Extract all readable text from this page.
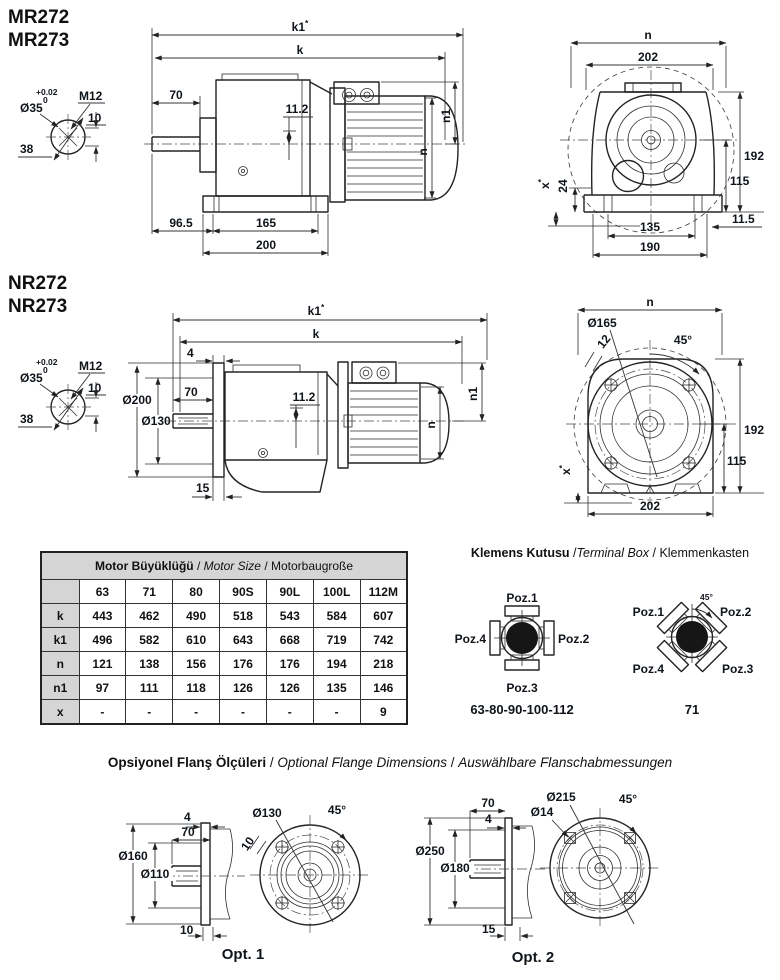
MR272
MR273
NR272
NR273
+0.02
0
Ø35
M12
10
38
k1*
k
70
11.2
n
n1
96.5	165
200
n
202
24
x*
192
115
11.5
135
190
k1*
k
4
Ø200
Ø130
70	11.2
n
n1
15
n
Ø165
12	45°
192
115
x*
202
Poz.1
Poz.2
Poz.4
Poz.3
63-80-90-100-112
45°
Poz.1	Poz.2
Poz.3
Poz.4
71
Ø160
Ø110
70
4
10
Ø130
10
45°
Opt. 1
Ø250
Ø180
70
4
15
Ø215
Ø14
45°
Opt. 2
Motor Büyüklüğü / Motor Size / Motorbaugroße							
	63	71	80	90S	90L	100L	112M
k	443	462	490	518	543	584	607
k1	496	582	610	643	668	719	742
n	121	138	156	176	176	194	218
n1	97	111	118	126	126	135	146
x	-	-	-	-	-	-	9
Klemens Kutusu /Terminal Box / Klemmenkasten
Opsiyonel Flanş Ölçüleri / Optional Flange Dimensions / Auswählbare Flanschabmessungen
